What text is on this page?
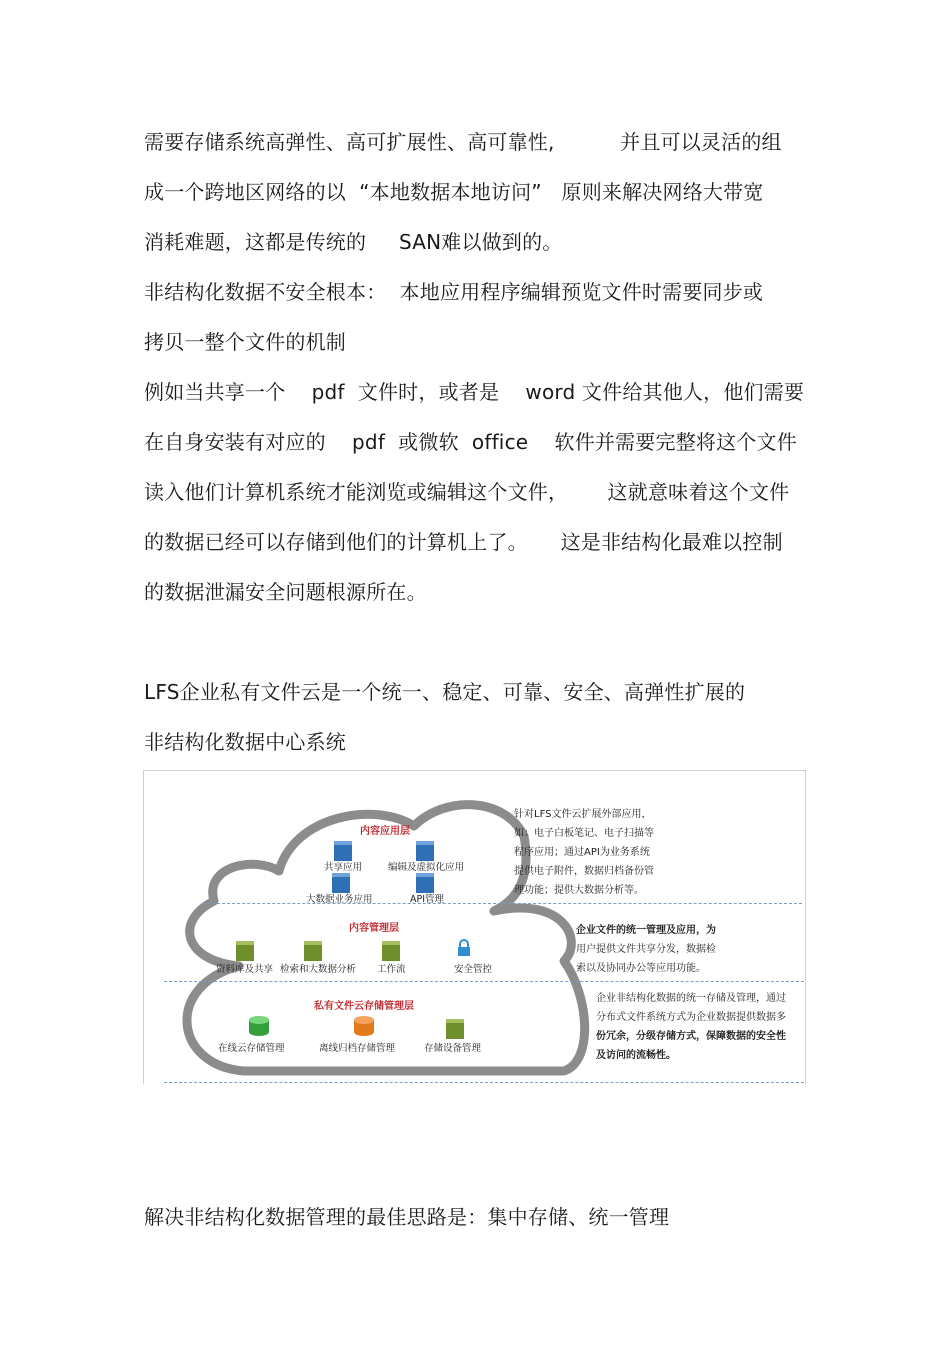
需要存储系统高弹性、高可扩展性、高可靠性,          并且可以灵活的组
成一个跨地区网络的以  “本地数据本地访问”   原则来解决网络大带宽
消耗难题，这都是传统的     SAN难以做到的。
非结构化数据不安全根本：  本地应用程序编辑预览文件时需要同步或
拷贝一整个文件的机制
例如当共享一个    pdf  文件时，或者是    word 文件给其他人，他们需要
在自身安装有对应的    pdf  或微软  office    软件并需要完整将这个文件
读入他们计算机系统才能浏览或编辑这个文件，      这就意味着这个文件
的数据已经可以存储到他们的计算机上了。     这是非结构化最难以控制
的数据泄漏安全问题根源所在。
LFS企业私有文件云是一个统一、稳定、可靠、安全、高弹性扩展的
非结构化数据中心系统
内容应用层
共享应用	编辑及虚拟化应用
大数据业务应用	API管理
内容管理层
资料库及共享 检索和大数据分析 工作流	安全管控
私有文件云存储管理层
在线云存储管理	离线归档存储管理	存储设备管理
针对LFS文件云扩展外部应用，
如：电子白板笔记、电子扫描等
程序应用；通过API为业务系统
提供电子附件，数据归档备份管
理功能；提供大数据分析等。
企业文件的统一管理及应用，为
用户提供文件共享分发，数据检
索以及协同办公等应用功能。
企业非结构化数据的统一存储及管理，通过
分布式文件系统方式为企业数据提供数据多
份冗余，分级存储方式，保障数据的安全性
及访问的流畅性。
解决非结构化数据管理的最佳思路是：集中存储、统一管理
